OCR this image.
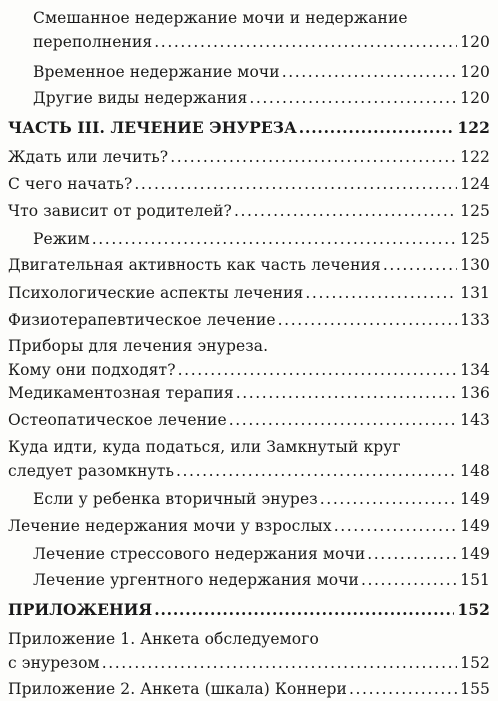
Смешанное недержание мочи и недержание
переполнения .....	120
Временное недержание мочи .....	120
Другие виды недержания .....	120
ЧАСТЬ III. ЛЕЧЕНИЕ ЭНУРЕЗА .....	122
Ждать или лечить? .....	122
С чего начать? .....	124
Что зависит от родителей? .....	125
Режим .....	125
Двигательная активность как часть лечения .....	130
Психологические аспекты лечения .....	131
Физиотерапевтическое лечение .....	133
Приборы для лечения энуреза.
Кому они подходят? .....	134
Медикаментозная терапия .....	136
Остеопатическое лечение .....	143
Куда идти, куда податься, или Замкнутый круг
следует разомкнуть .....	148
Если у ребенка вторичный энурез .....	149
Лечение недержания мочи у взрослых .....	149
Лечение стрессового недержания мочи .....	149
Лечение ургентного недержания мочи .....	151
ПРИЛОЖЕНИЯ .....	152
Приложение 1. Анкета обследуемого
с энурезом .....	152
Приложение 2. Анкета (шкала) Коннери .....	155
